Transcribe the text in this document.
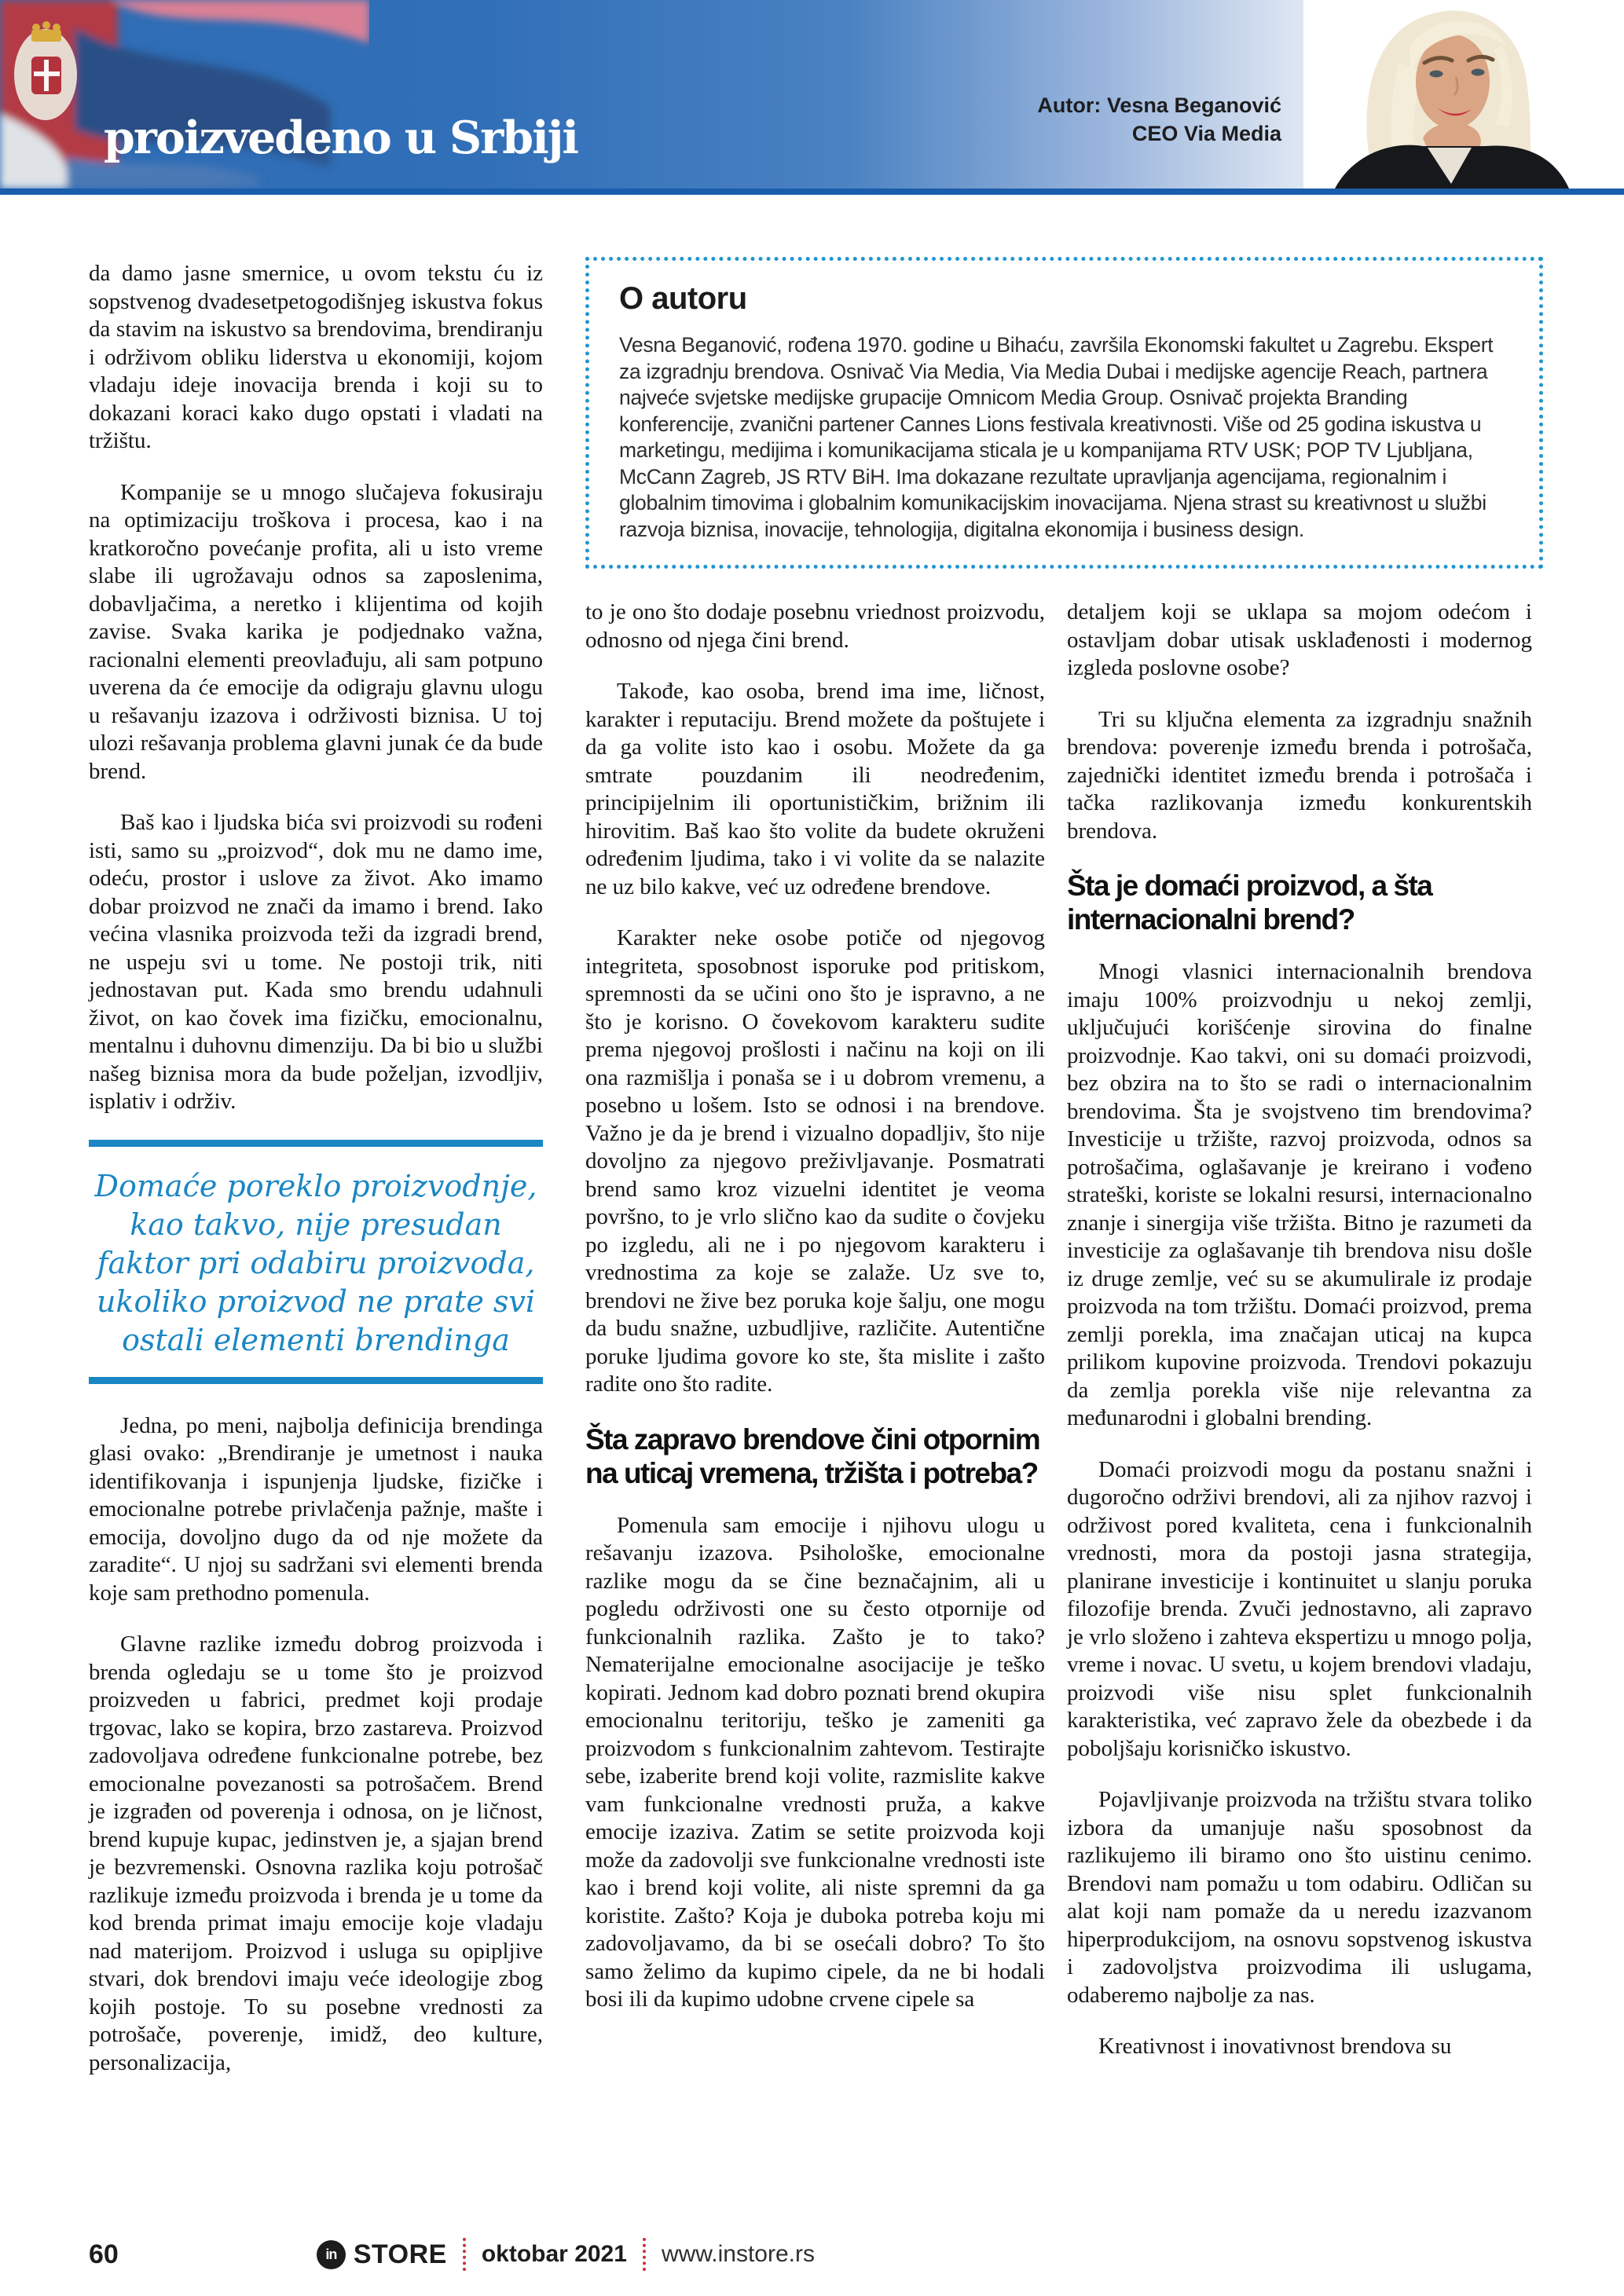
proizvedeno u Srbiji
Autor: Vesna Beganović
CEO Via Media
O autoru

Vesna Beganović, rođena 1970. godine u Bihaću, završila Ekonomski fakultet u Zagrebu. Ekspert za izgradnju brendova. Osnivač Via Media, Via Media Dubai i medijske agencije Reach, partnera najveće svjetske medijske grupacije Omnicom Media Group. Osnivač projekta Branding konferencije, zvanični partener Cannes Lions festivala kreativnosti. Više od 25 godina iskustva u marketingu, medijima i komunikacijama sticala je u kompanijama RTV USK; POP TV Ljubljana, McCann Zagreb, JS RTV BiH. Ima dokazane rezultate upravljanja agencijama, regionalnim i globalnim timovima i globalnim komunikacijskim inovacijama. Njena strast su kreativnost u službi razvoja biznisa, inovacije, tehnologija, digitalna ekonomija i business design.

da damo jasne smernice, u ovom tekstu ću iz sopstvenog dvadesetpetogodišnjeg iskustva fokus da stavim na iskustvo sa brendovima, brendiranju i održivom obliku liderstva u ekonomiji, kojom vladaju ideje inovacija brenda i koji su to dokazani koraci kako dugo opstati i vladati na tržištu.

Kompanije se u mnogo slučajeva fokusiraju na optimizaciju troškova i procesa, kao i na kratkoročno povećanje profita, ali u isto vreme slabe ili ugrožavaju odnos sa zaposlenima, dobavljačima, a neretko i klijentima od kojih zavise. Svaka karika je podjednako važna, racionalni elementi preovlađuju, ali sam potpuno uverena da će emocije da odigraju glavnu ulogu u rešavanju izazova i održivosti biznisa. U toj ulozi rešavanja problema glavni junak će da bude brend.

Baš kao i ljudska bića svi proizvodi su rođeni isti, samo su „proizvod“, dok mu ne damo ime, odeću, prostor i uslove za život. Ako imamo dobar proizvod ne znači da imamo i brend. Iako većina vlasnika proizvoda teži da izgradi brend, ne uspeju svi u tome. Ne postoji trik, niti jednostavan put. Kada smo brendu udahnuli život, on kao čovek ima fizičku, emocionalnu, mentalnu i duhovnu dimenziju. Da bi bio u službi našeg biznisa mora da bude poželjan, izvodljiv, isplativ i održiv.

Domaće poreklo proizvodnje, kao takvo, nije presudan faktor pri odabiru proizvoda, ukoliko proizvod ne prate svi ostali elementi brendinga

Jedna, po meni, najbolja definicija brendinga glasi ovako: „Brendiranje je umetnost i nauka identifikovanja i ispunjenja ljudske, fizičke i emocionalne potrebe privlačenja pažnje, mašte i emocija, dovoljno dugo da od nje možete da zaradite“. U njoj su sadržani svi elementi brenda koje sam prethodno pomenula.

Glavne razlike između dobrog proizvoda i brenda ogledaju se u tome što je proizvod proizveden u fabrici, predmet koji prodaje trgovac, lako se kopira, brzo zastareva. Proizvod zadovoljava određene funkcionalne potrebe, bez emocionalne povezanosti sa potrošačem. Brend je izgrađen od poverenja i odnosa, on je ličnost, brend kupuje kupac, jedinstven je, a sjajan brend je bezvremenski. Osnovna razlika koju potrošač razlikuje između proizvoda i brenda je u tome da kod brenda primat imaju emocije koje vladaju nad materijom. Proizvod i usluga su opipljive stvari, dok brendovi imaju veće ideologije zbog kojih postoje. To su posebne vrednosti za potrošače, poverenje, imidž, deo kulture, personalizacija,

to je ono što dodaje posebnu vriednost proizvodu, odnosno od njega čini brend.

Takođe, kao osoba, brend ima ime, ličnost, karakter i reputaciju. Brend možete da poštujete i da ga volite isto kao i osobu. Možete da ga smtrate pouzdanim ili neodređenim, principijelnim ili oportunističkim, brižnim ili hirovitim. Baš kao što volite da budete okruženi određenim ljudima, tako i vi volite da se nalazite ne uz bilo kakve, već uz određene brendove.

Karakter neke osobe potiče od njegovog integriteta, sposobnost isporuke pod pritiskom, spremnosti da se učini ono što je ispravno, a ne što je korisno. O čovekovom karakteru sudite prema njegovoj prošlosti i načinu na koji on ili ona razmišlja i ponaša se i u dobrom vremenu, a posebno u lošem. Isto se odnosi i na brendove. Važno je da je brend i vizualno dopadljiv, što nije dovoljno za njegovo preživljavanje. Posmatrati brend samo kroz vizuelni identitet je veoma površno, to je vrlo slično kao da sudite o čovjeku po izgledu, ali ne i po njegovom karakteru i vrednostima za koje se zalaže. Uz sve to, brendovi ne žive bez poruka koje šalju, one mogu da budu snažne, uzbudljive, različite. Autentične poruke ljudima govore ko ste, šta mislite i zašto radite ono što radite.

Šta zapravo brendove čini otpornim na uticaj vremena, tržišta i potreba?

Pomenula sam emocije i njihovu ulogu u rešavanju izazova. Psihološke, emocionalne razlike mogu da se čine beznačajnim, ali u pogledu održivosti one su često otpornije od funkcionalnih razlika. Zašto je to tako? Nematerijalne emocionalne asocijacije je teško kopirati. Jednom kad dobro poznati brend okupira emocionalnu teritoriju, teško je zameniti ga proizvodom s funkcionalnim zahtevom. Testirajte sebe, izaberite brend koji volite, razmislite kakve vam funkcionalne vrednosti pruža, a kakve emocije izaziva. Zatim se setite proizvoda koji može da zadovolji sve funkcionalne vrednosti iste kao i brend koji volite, ali niste spremni da ga koristite. Zašto? Koja je duboka potreba koju mi zadovoljavamo, da bi se osećali dobro? To što samo želimo da kupimo cipele, da ne bi hodali bosi ili da kupimo udobne crvene cipele sa

detaljem koji se uklapa sa mojom odećom i ostavljam dobar utisak usklađenosti i modernog izgleda poslovne osobe?

Tri su ključna elementa za izgradnju snažnih brendova: poverenje između brenda i potrošača, zajednički identitet između brenda i potrošača i tačka razlikovanja između konkurentskih brendova.

Šta je domaći proizvod, a šta internacionalni brend?

Mnogi vlasnici internacionalnih brendova imaju 100% proizvodnju u nekoj zemlji, uključujući korišćenje sirovina do finalne proizvodnje. Kao takvi, oni su domaći proizvodi, bez obzira na to što se radi o internacionalnim brendovima. Šta je svojstveno tim brendovima? Investicije u tržište, razvoj proizvoda, odnos sa potrošačima, oglašavanje je kreirano i vođeno strateški, koriste se lokalni resursi, internacionalno znanje i sinergija više tržišta. Bitno je razumeti da investicije za oglašavanje tih brendova nisu došle iz druge zemlje, već su se akumulirale iz prodaje proizvoda na tom tržištu. Domaći proizvod, prema zemlji porekla, ima značajan uticaj na kupca prilikom kupovine proizvoda. Trendovi pokazuju da zemlja porekla više nije relevantna za međunarodni i globalni brending.

Domaći proizvodi mogu da postanu snažni i dugoročno održivi brendovi, ali za njihov razvoj i održivost pored kvaliteta, cena i funkcionalnih vrednosti, mora da postoji jasna strategija, planirane investicije i kontinuitet u slanju poruka filozofije brenda. Zvuči jednostavno, ali zapravo je vrlo složeno i zahteva ekspertizu u mnogo polja, vreme i novac. U svetu, u kojem brendovi vladaju, proizvodi više nisu splet funkcionalnih karakteristika, već zapravo žele da obezbede i da poboljšaju korisničko iskustvo.

Pojavljivanje proizvoda na tržištu stvara toliko izbora da umanjuje našu sposobnost da razlikujemo ili biramo ono što uistinu cenimo. Brendovi nam pomažu u tom odabiru. Odličan su alat koji nam pomaže da u neredu izazvanom hiperprodukcijom, na osnovu sopstvenog iskustva i zadovoljstva proizvodima ili uslugama, odaberemo najbolje za nas.

Kreativnost i inovativnost brendova su

60	in STORE oktobar 2021 www.instore.rs
